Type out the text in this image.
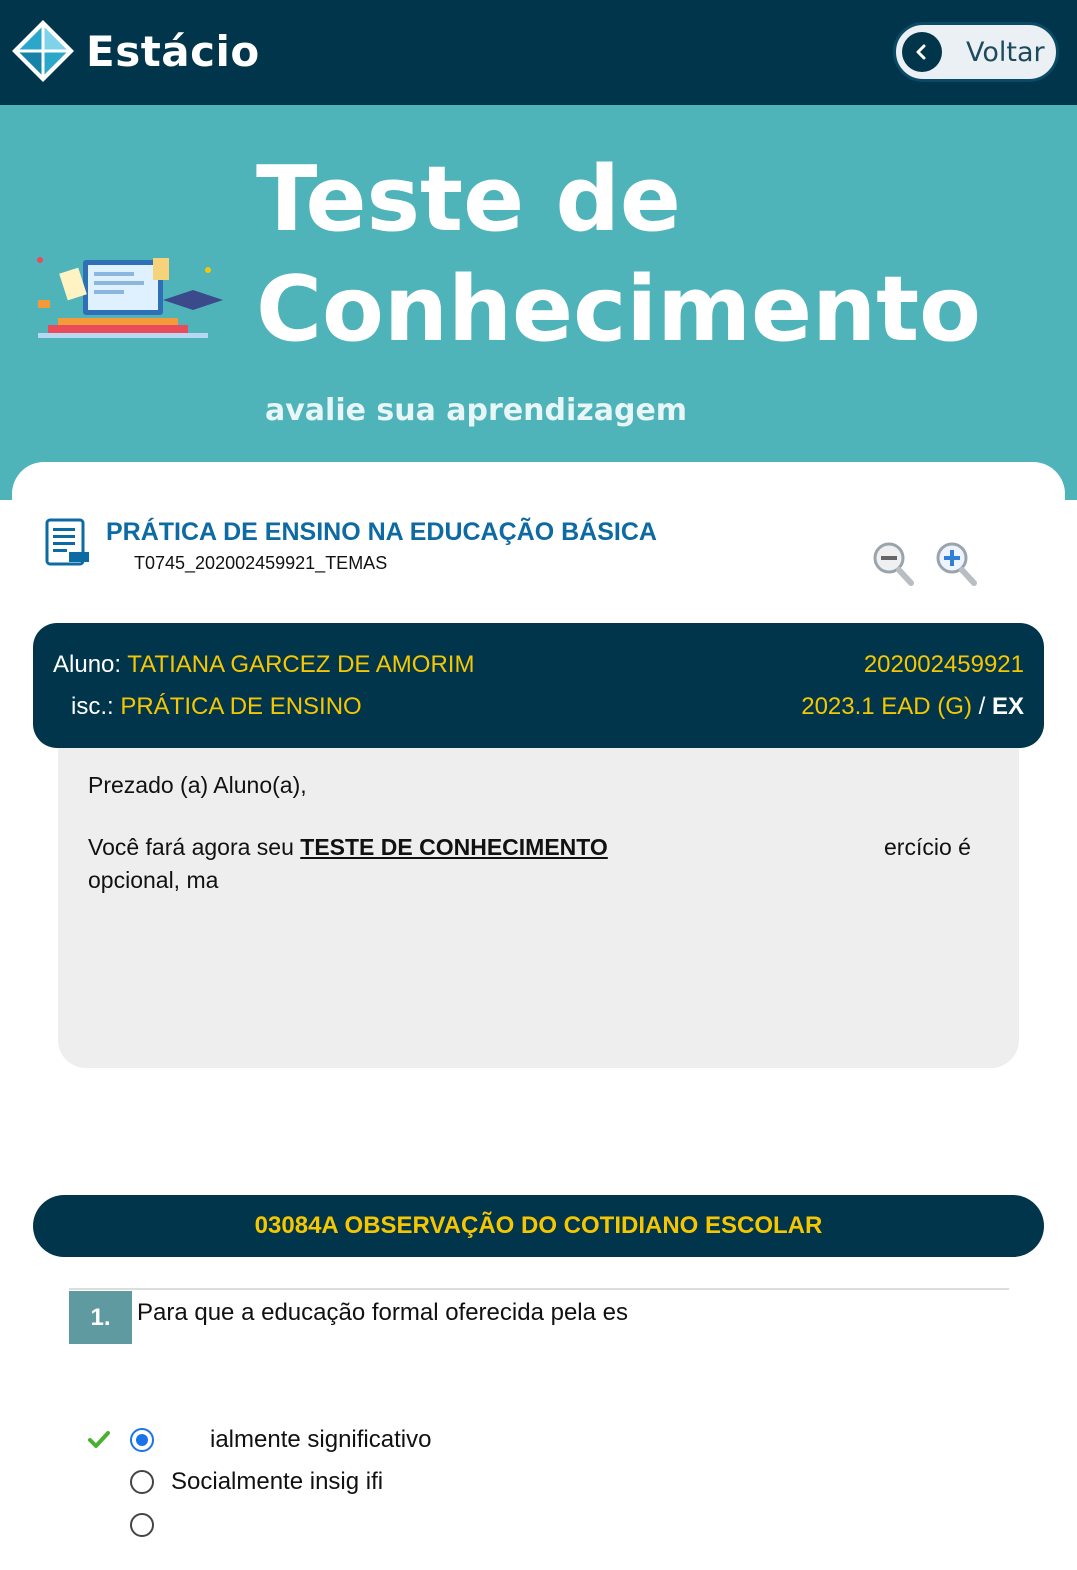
Estácio	Voltar
Teste de
Conhecimento
avalie sua aprendizagem
PRÁTICA DE ENSINO NA EDUCAÇÃO BÁSICA
T0745_202002459921_TEMAS
Aluno: TATIANA GARCEZ DE AMORIM	202002459921
isc.: PRÁTICA DE ENSINO	2023.1 EAD (G) / EX
Prezado (a) Aluno(a),
Você fará agora seu TESTE DE CONHECIMENTO	ercício é
opcional, ma
03084A OBSERVAÇÃO DO COTIDIANO ESCOLAR
1.	Para que a educação formal oferecida pela es
ialmente significativo
Socialmente insig ifi
